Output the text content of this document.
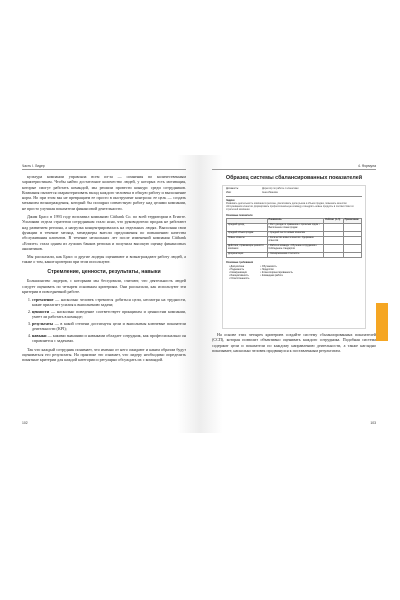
Часть I. Лидер

культура компании управляла всем из-за — сомнения по количественным характеристикам. Чтобы найти достаточное количество людей, у которых есть мотивация, которые смогут работать командой, мы решили провести конкурс среди сотрудников. Компания пытается охарактеризовать вклад каждого человека в общую работу и выполнение норм. Но при этом мы не превращаем ее просто в инструмент контроля: ее цель — создать механизм вознаграждения, который бы поощрял совместную работу над целями компании, не просто улучшая показатели финансовой деятельности.

Джим Брасс в 1993 году возглавил компанию Citibank Co. по всей территории в Египте. Усилиями отдела стратегии сотрудникам стало ясно, что руководители продаж не работают над развитием региона, а нагрузка концентрировалась на отдельных людях. Выполняя свои функции в течение месяца, менеджеры внесли предложения по повышению качества обслуживания клиентов. В течение нескольких лет после изменений компания Citibank «Египет» стала одним из лучших банков региона и получила высокую оценку финансовых аналитиков.

Мы рассказали, как Брасс и другие лидеры оценивают и вознаграждают работу людей, а также о том, какие критерии при этом используют.

Стремление, ценности, результаты, навыки

Большинство лидеров, с которыми мы беседовали, считают, что деятельность людей следует оценивать по четырем основным критериям. Они рассказали, как используют эти критерии в повседневной работе.

1. стремление — насколько человек стремится добиться цели, несмотря на трудности, какие прилагает усилия к выполнению задачи;
2. ценности — насколько поведение соответствует принципам и ценностям компании, умеет ли работать в команде;
3. результаты — в какой степени достигнуты цели и выполнены ключевые показатели деятельности (KPI);
4. навыки — какими знаниями и навыками обладает сотрудник, как профессионально он справляется с задачами.

Так что каждый сотрудник понимает, что именно от него ожидают и каким образом будут оцениваться его результаты. На практике это означает, что лидеру необходимо определить понятные критерии для каждой категории и регулярно обсуждать их с командой.

102
4. Формула
Образец системы сбалансированных показателей
Должность:	Директор по работе с клиентами
Имя:	Анна Иванова
Задачи
Развивать деятельность компании в регионе, увеличивать долю рынка и объем продаж, повышать качество обслуживания клиентов, формировать профессиональную команду и внедрять новые продукты в соответствии со стратегией компании.
Основные показатели
	Показатель	Рейтинг (1–5)	Примечание
Средний доход	• Рост дохода по сравнению с прошлым годом • Выполнение плана продаж		
Средний объем продаж	• Средний чек по новым клиентам		
Новые клиенты	• Количество новых клиентов • Удержание клиентов		
Действия, отражающие ценности компании	• Работа в команде • Обучение сотрудников • Соблюдение стандартов		
Документация	• Своевременная отчетность		
Основные требования
• Дисциплина
• Надежность
• Коммуникация
• Инициативность
• Ответственность
• Обучаемость
• Лидерство
• Клиентоориентированность
• Командная работа

На основе этих четырех критериев создайте систему сбалансированных показателей (ССП), которая позволит объективно оценивать каждого сотрудника. Подобная система содержит цели и показатели по каждому направлению деятельности, а также наглядно показывает, насколько человек продвинулся к поставленным результатам.

103
